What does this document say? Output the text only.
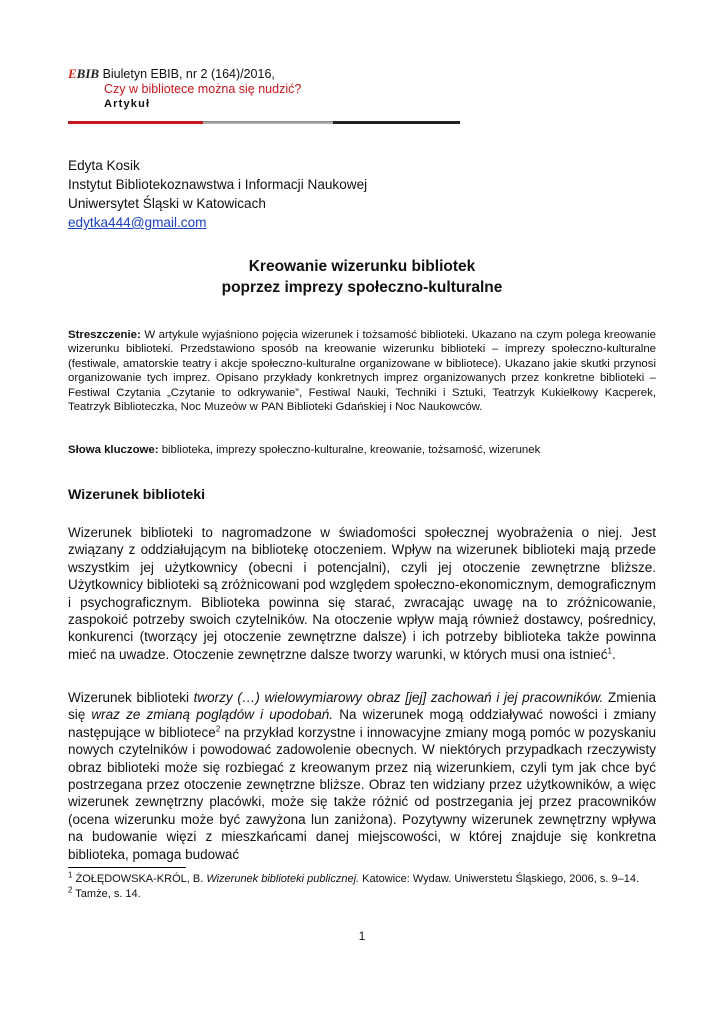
EBIB Biuletyn EBIB, nr 2 (164)/2016,
Czy w bibliotece można się nudzić?
Artykuł
Edyta Kosik
Instytut Bibliotekoznawstwa i Informacji Naukowej
Uniwersytet Śląski w Katowicach
edytka444@gmail.com
Kreowanie wizerunku bibliotek
poprzez imprezy społeczno-kulturalne
Streszczenie: W artykule wyjaśniono pojęcia wizerunek i tożsamość biblioteki. Ukazano na czym polega kreowanie wizerunku biblioteki. Przedstawiono sposób na kreowanie wizerunku biblioteki – imprezy społeczno-kulturalne (festiwale, amatorskie teatry i akcje społeczno-kulturalne organizowane w bibliotece). Ukazano jakie skutki przynosi organizowanie tych imprez. Opisano przykłady konkretnych imprez organizowanych przez konkretne biblioteki – Festiwal Czytania „Czytanie to odkrywanie”, Festiwal Nauki, Techniki i Sztuki, Teatrzyk Kukiełkowy Kacperek, Teatrzyk Biblioteczka, Noc Muzeów w PAN Biblioteki Gdańskiej i Noc Naukowców.
Słowa kluczowe: biblioteka, imprezy społeczno-kulturalne, kreowanie, tożsamość, wizerunek
Wizerunek biblioteki
Wizerunek biblioteki to nagromadzone w świadomości społecznej wyobrażenia o niej. Jest związany z oddziałującym na bibliotekę otoczeniem. Wpływ na wizerunek biblioteki mają przede wszystkim jej użytkownicy (obecni i potencjalni), czyli jej otoczenie zewnętrzne bliższe. Użytkownicy biblioteki są zróżnicowani pod względem społeczno-ekonomicznym, demograficznym i psychograficznym. Biblioteka powinna się starać, zwracając uwagę na to zróżnicowanie, zaspokoić potrzeby swoich czytelników. Na otoczenie wpływ mają również dostawcy, pośrednicy, konkurenci (tworzący jej otoczenie zewnętrzne dalsze) i ich potrzeby biblioteka także powinna mieć na uwadze. Otoczenie zewnętrzne dalsze tworzy warunki, w których musi ona istnieć$^1$.
Wizerunek biblioteki tworzy (…) wielowymiarowy obraz [jej] zachowań i jej pracowników. Zmienia się wraz ze zmianą poglądów i upodobań. Na wizerunek mogą oddziaływać nowości i zmiany następujące w bibliotece$^2$ na przykład korzystne i innowacyjne zmiany mogą pomóc w pozyskaniu nowych czytelników i powodować zadowolenie obecnych. W niektórych przypadkach rzeczywisty obraz biblioteki może się rozbiegać z kreowanym przez nią wizerunkiem, czyli tym jak chce być postrzegana przez otoczenie zewnętrzne bliższe. Obraz ten widziany przez użytkowników, a więc wizerunek zewnętrzny placówki, może się także różnić od postrzegania jej przez pracowników (ocena wizerunku może być zawyżona lun zaniżona). Pozytywny wizerunek zewnętrzny wpływa na budowanie więzi z mieszkańcami danej miejscowości, w której znajduje się konkretna biblioteka, pomaga budować
$^1$ ŻOŁĘDOWSKA-KRÓL, B. Wizerunek biblioteki publicznej. Katowice: Wydaw. Uniwerstetu Śląskiego, 2006, s. 9–14.
$^2$ Tamże, s. 14.
1
